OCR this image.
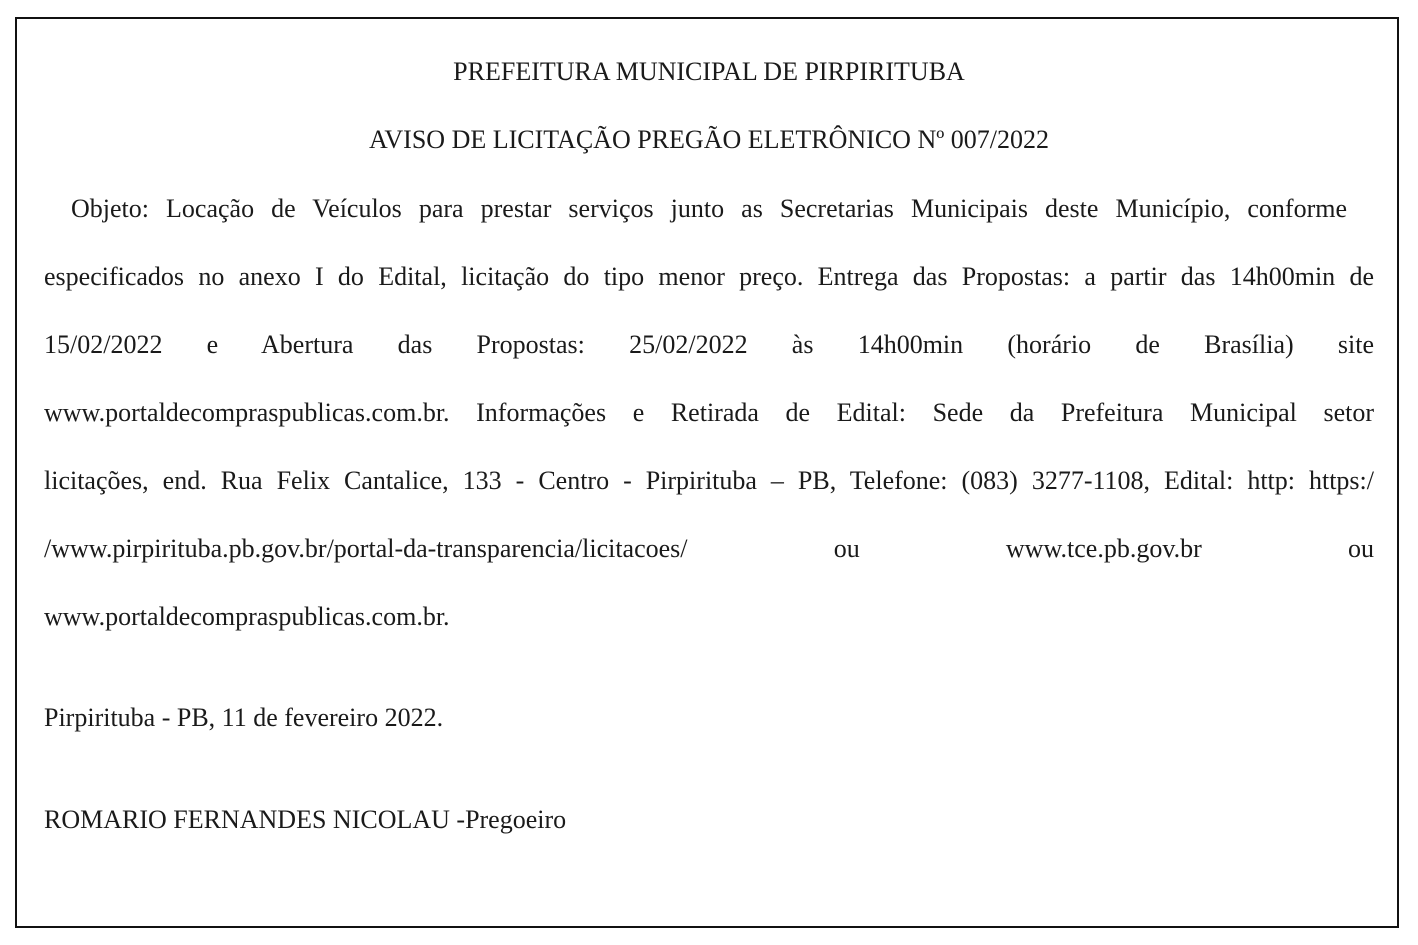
PREFEITURA MUNICIPAL DE PIRPIRITUBA
AVISO DE LICITAÇÃO PREGÃO ELETRÔNICO Nº 007/2022
Objeto: Locação de Veículos para prestar serviços junto as Secretarias Municipais deste Município, conforme
especificados no anexo I do Edital, licitação do tipo menor preço. Entrega das Propostas: a partir das 14h00min de
15/02/2022 e Abertura das Propostas: 25/02/2022 às 14h00min (horário de Brasília) site
www.portaldecompraspublicas.com.br. Informações e Retirada de Edital: Sede da Prefeitura Municipal setor
licitações, end. Rua Felix Cantalice, 133 - Centro - Pirpirituba – PB, Telefone: (083) 3277-1108, Edital: http: https:/
/www.pirpirituba.pb.gov.br/portal-da-transparencia/licitacoes/ ou www.tce.pb.gov.br ou
www.portaldecompraspublicas.com.br.
Pirpirituba - PB, 11 de fevereiro 2022.
ROMARIO FERNANDES NICOLAU -Pregoeiro
